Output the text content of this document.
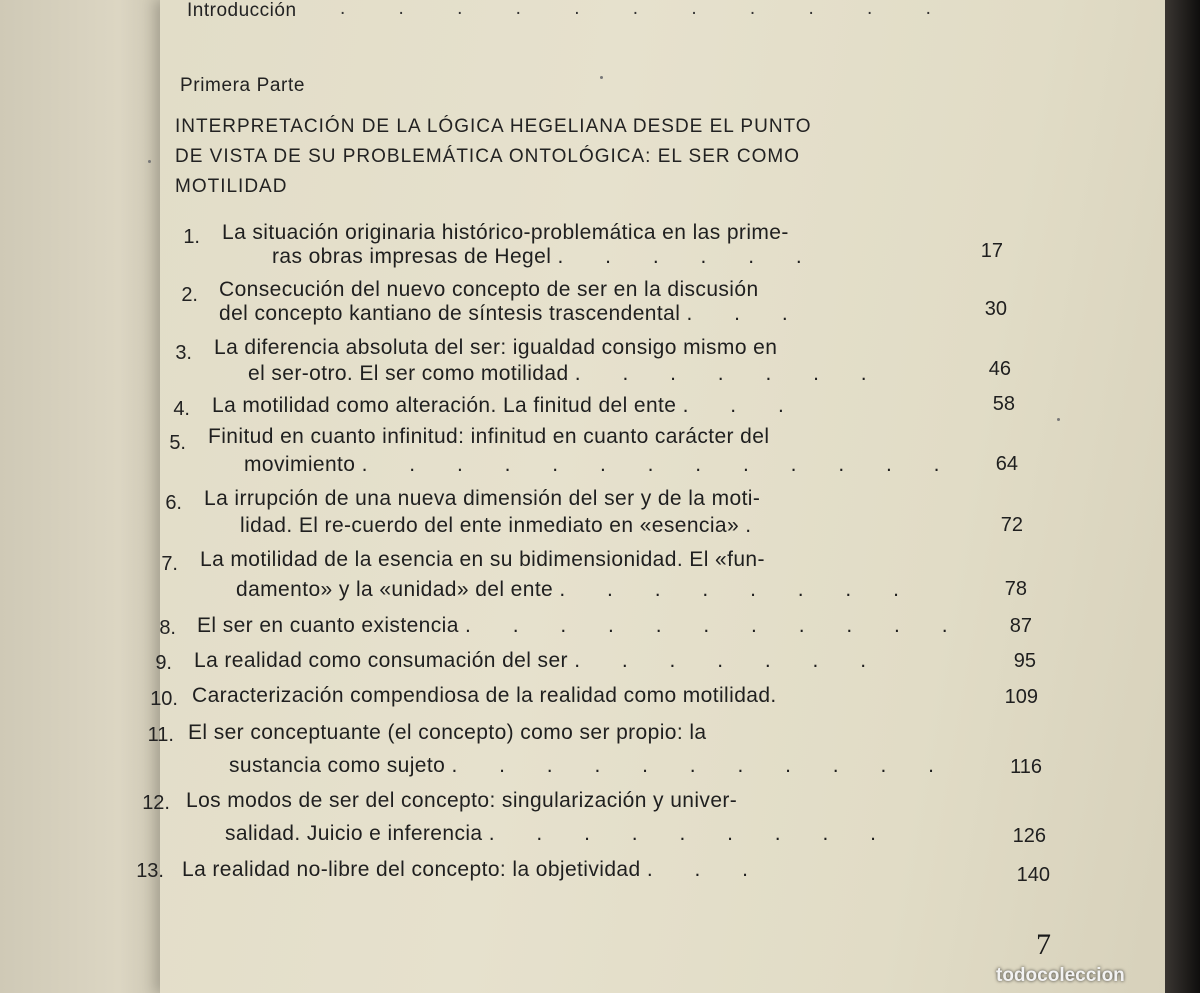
Introducción . . . . . . . . . . .
Primera Parte
INTERPRETACIÓN DE LA LÓGICA HEGELIANA DESDE EL PUNTO
DE VISTA DE SU PROBLEMÁTICA ONTOLÓGICA: EL SER COMO
MOTILIDAD
1. La situación originaria histórico-problemática en las prime-
ras obras impresas de Hegel . . . . . .	17
2. Consecución del nuevo concepto de ser en la discusión
del concepto kantiano de síntesis trascendental . . .	30
3. La diferencia absoluta del ser: igualdad consigo mismo en
el ser-otro. El ser como motilidad . . . . . . .	46
4. La motilidad como alteración. La finitud del ente . . .	58
5. Finitud en cuanto infinitud: infinitud en cuanto carácter del
movimiento . . . . . . . . . . . . .	64
6. La irrupción de una nueva dimensión del ser y de la moti-
lidad. El re-cuerdo del ente inmediato en «esencia» .	72
7. La motilidad de la esencia en su bidimensionidad. El «fun-
damento» y la «unidad» del ente . . . . . . . .	78
8. El ser en cuanto existencia . . . . . . . . . . .	87
9. La realidad como consumación del ser . . . . . . .	95
10. Caracterización compendiosa de la realidad como motilidad.	109
11. El ser conceptuante (el concepto) como ser propio: la
sustancia como sujeto . . . . . . . . . . .	116
12. Los modos de ser del concepto: singularización y univer-
salidad. Juicio e inferencia . . . . . . . . .	126
13. La realidad no-libre del concepto: la objetividad . . .	140
7
todocoleccion
